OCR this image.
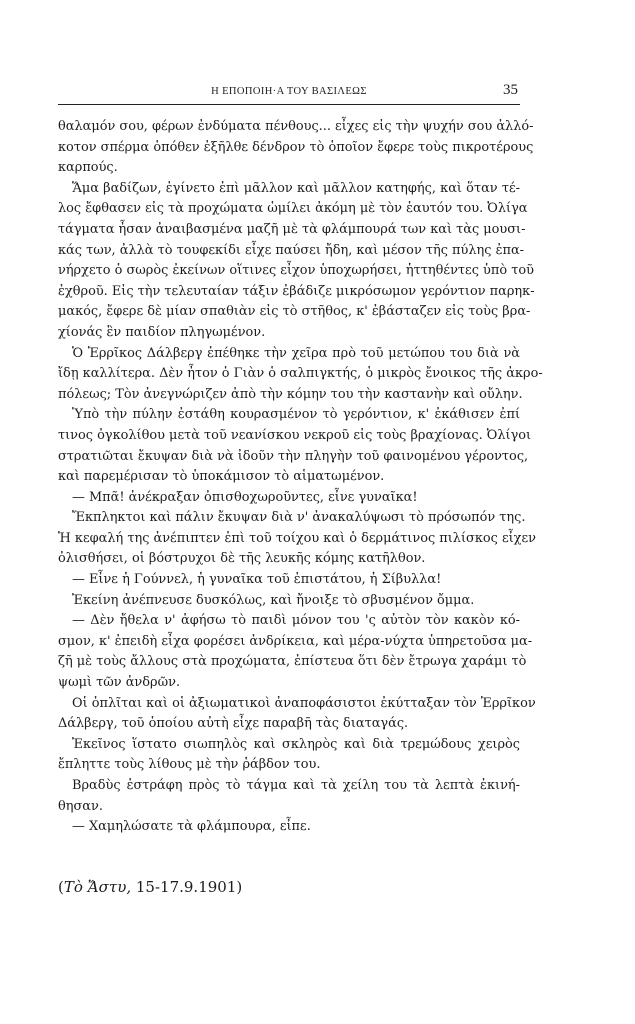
Η ΕΠΟΠΟΙΗ·Α ΤΟΥ ΒΑΣΙΛΕΩΣ	35
θαλαμόν σου, φέρων ἐνδύματα πένθους... εἶχες εἰς τὴν ψυχήν σου ἀλλό-
κοτον σπέρμα ὁπόθεν ἐξῆλθε δένδρον τὸ ὁποῖον ἔφερε τοὺς πικροτέρους
καρπούς.
Ἅμα βαδίζων, ἐγίνετο ἐπὶ μᾶλλον καὶ μᾶλλον κατηφής, καὶ ὅταν τέ-
λος ἔφθασεν εἰς τὰ προχώματα ὡμίλει ἀκόμη μὲ τὸν ἑαυτόν του. Ὀλίγα
τάγματα ἦσαν ἀναιβασμένα μαζῆ μὲ τὰ φλάμπουρά των καὶ τὰς μουσι-
κάς των, ἀλλὰ τὸ τουφεκίδι εἶχε παύσει ἤδη, καὶ μέσον τῆς πύλης ἐπα-
νήρχετο ὁ σωρὸς ἐκείνων οἵτινες εἶχον ὑποχωρήσει, ἡττηθέντες ὑπὸ τοῦ
ἐχθροῦ. Εἰς τὴν τελευταίαν τάξιν ἐβάδιζε μικρόσωμον γερόντιον παρηκ-
μακός, ἔφερε δὲ μίαν σπαθιὰν εἰς τὸ στῆθος, κ' ἐβάσταζεν εἰς τοὺς βρα-
χίονάς ἓν παιδίον πληγωμένον.
Ὁ Ἐρρῖκος Δάλβεργ ἐπέθηκε τὴν χεῖρα πρὸ τοῦ μετώπου του διὰ νὰ
ἴδῃ καλλίτερα. Δὲν ἦτον ὁ Γιὰν ὁ σαλπιγκτής, ὁ μικρὸς ἔνοικος τῆς ἀκρο-
πόλεως; Τὸν ἀνεγνώριζεν ἀπὸ τὴν κόμην του τὴν καστανὴν καὶ οὔλην.
Ὑπὸ τὴν πύλην ἐστάθη κουρασμένον τὸ γερόντιον, κ' ἐκάθισεν ἐπί
τινος ὀγκολίθου μετὰ τοῦ νεανίσκου νεκροῦ εἰς τοὺς βραχίονας. Ὀλίγοι
στρατιῶται ἔκυψαν διὰ νὰ ἰδοῦν τὴν πληγὴν τοῦ φαινομένου γέροντος,
καὶ παρεμέρισαν τὸ ὑποκάμισον τὸ αἱματωμένον.
— Μπᾶ! ἀνέκραξαν ὀπισθοχωροῦντες, εἶνε γυναῖκα!
Ἔκπληκτοι καὶ πάλιν ἔκυψαν διὰ ν' ἀνακαλύψωσι τὸ πρόσωπόν της.
Ἡ κεφαλή της ἀνέπιπτεν ἐπὶ τοῦ τοίχου καὶ ὁ δερμάτινος πιλίσκος εἶχεν
ὀλισθήσει, οἱ βόστρυχοι δὲ τῆς λευκῆς κόμης κατῆλθον.
— Εἶνε ἡ Γούννελ, ἡ γυναῖκα τοῦ ἐπιστάτου, ἡ Σίβυλλα!
Ἐκείνη ἀνέπνευσε δυσκόλως, καὶ ἤνοιξε τὸ σβυσμένον ὄμμα.
— Δὲν ἤθελα ν' ἀφήσω τὸ παιδὶ μόνον του 'ς αὐτὸν τὸν κακὸν κό-
σμον, κ' ἐπειδὴ εἶχα φορέσει ἀνδρίκεια, καὶ μέρα-νύχτα ὑπηρετοῦσα μα-
ζῆ μὲ τοὺς ἄλλους στὰ προχώματα, ἐπίστευα ὅτι δὲν ἔτρωγα χαράμι τὸ
ψωμὶ τῶν ἀνδρῶν.
Οἱ ὁπλῖται καὶ οἱ ἀξιωματικοὶ ἀναποφάσιστοι ἐκύτταξαν τὸν Ἐρρῖκον
Δάλβεργ, τοῦ ὁποίου αὐτὴ εἶχε παραβῆ τὰς διαταγάς.
Ἐκεῖνος ἵστατο σιωπηλὸς καὶ σκληρὸς καὶ διὰ τρεμώδους χειρὸς
ἔπληττε τοὺς λίθους μὲ τὴν ῥάβδον του.
Βραδὺς ἐστράφη πρὸς τὸ τάγμα καὶ τὰ χείλη του τὰ λεπτὰ ἐκινή-
θησαν.
— Χαμηλώσατε τὰ φλάμπουρα, εἶπε.
(Τὸ Ἄστυ, 15-17.9.1901)
